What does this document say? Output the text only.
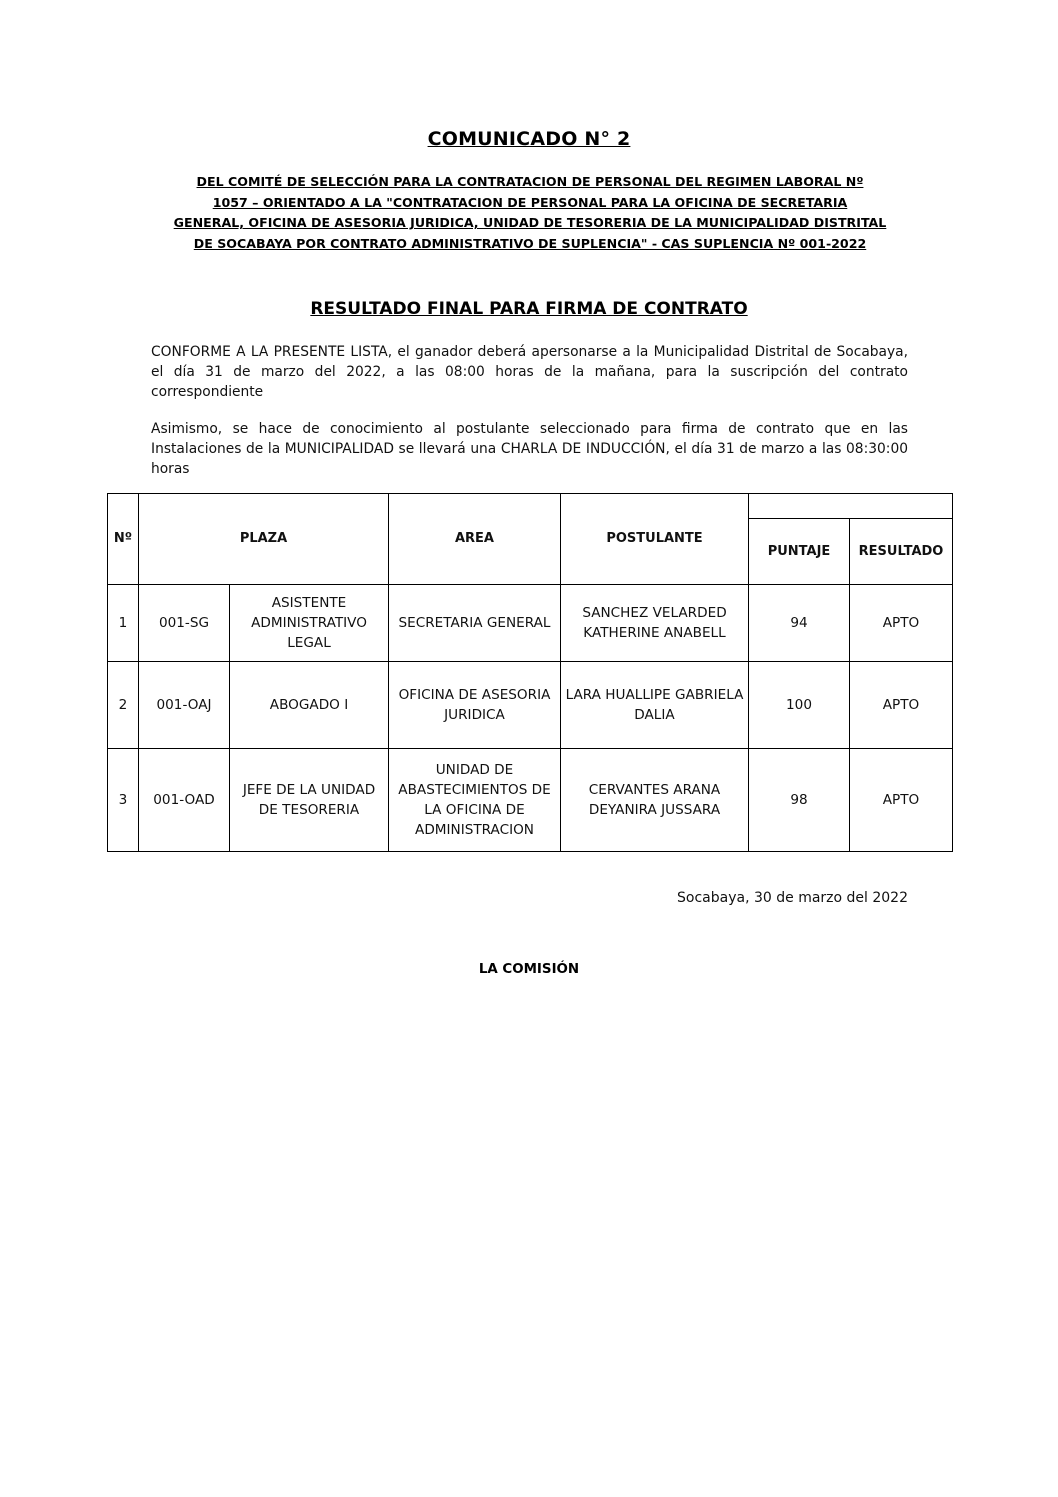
COMUNICADO N° 2
DEL COMITÉ DE SELECCIÓN PARA LA CONTRATACION DE PERSONAL DEL REGIMEN LABORAL Nº
1057 – ORIENTADO A LA "CONTRATACION DE PERSONAL PARA LA OFICINA DE SECRETARIA
GENERAL, OFICINA DE ASESORIA JURIDICA, UNIDAD DE TESORERIA DE LA MUNICIPALIDAD DISTRITAL
DE SOCABAYA POR CONTRATO ADMINISTRATIVO DE SUPLENCIA" - CAS SUPLENCIA Nº 001-2022
RESULTADO FINAL PARA FIRMA DE CONTRATO
CONFORME A LA PRESENTE LISTA, el ganador deberá apersonarse a la Municipalidad Distrital de Socabaya, el día 31 de marzo del 2022, a las 08:00 horas de la mañana, para la suscripción del contrato correspondiente
Asimismo, se hace de conocimiento al postulante seleccionado para firma de contrato que en las Instalaciones de la MUNICIPALIDAD se llevará una CHARLA DE INDUCCIÓN, el día 31 de marzo a las 08:30:00 horas
Nº	PLAZA		AREA	POSTULANTE		
					PUNTAJE	RESULTADO
1	001-SG	ASISTENTE ADMINISTRATIVO LEGAL	SECRETARIA GENERAL	SANCHEZ VELARDED KATHERINE ANABELL	94	APTO
2	001-OAJ	ABOGADO I	OFICINA DE ASESORIA JURIDICA	LARA HUALLIPE GABRIELA DALIA	100	APTO
3	001-OAD	JEFE DE LA UNIDAD DE TESORERIA	UNIDAD DE ABASTECIMIENTOS DE LA OFICINA DE ADMINISTRACION	CERVANTES ARANA DEYANIRA JUSSARA	98	APTO
Socabaya, 30 de marzo del 2022
LA COMISIÓN
